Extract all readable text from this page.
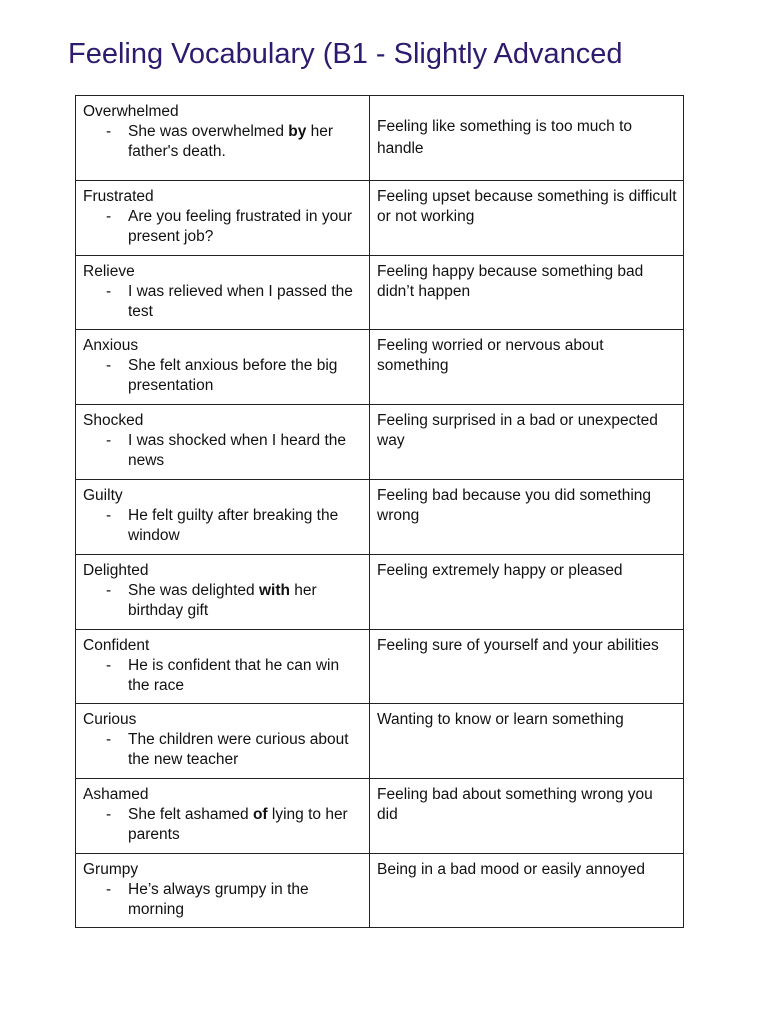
Feeling Vocabulary (B1 - Slightly Advanced
Overwhelmed
- She was overwhelmed by her father's death.	Feeling like something is too much to handle

Frustrated
- Are you feeling frustrated in your present job?	Feeling upset because something is difficult or not working

Relieve
- I was relieved when I passed the test	Feeling happy because something bad didn’t happen

Anxious
- She felt anxious before the big presentation	Feeling worried or nervous about something

Shocked
- I was shocked when I heard the news	Feeling surprised in a bad or unexpected way

Guilty
- He felt guilty after breaking the window	Feeling bad because you did something wrong

Delighted
- She was delighted with her birthday gift	Feeling extremely happy or pleased

Confident
- He is confident that he can win the race	Feeling sure of yourself and your abilities

Curious
- The children were curious about the new teacher	Wanting to know or learn something

Ashamed
- She felt ashamed of lying to her parents	Feeling bad about something wrong you did

Grumpy
- He’s always grumpy in the morning	Being in a bad mood or easily annoyed
